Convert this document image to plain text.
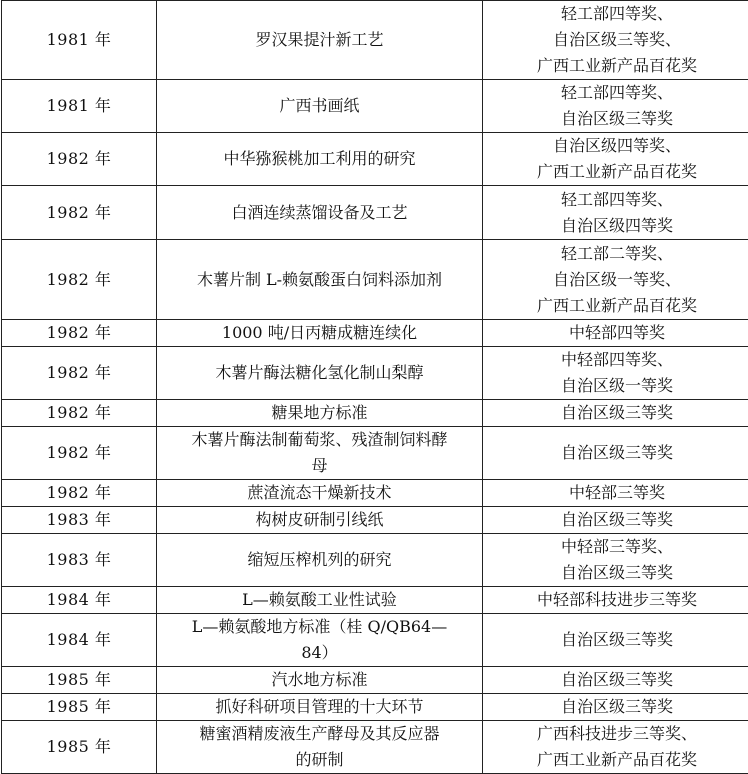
1981 年	罗汉果提汁新工艺	轻工部四等奖、
自治区级三等奖、
广西工业新产品百花奖

1981 年	广西书画纸	轻工部四等奖、
自治区级三等奖

1982 年	中华猕猴桃加工利用的研究	自治区级四等奖、
广西工业新产品百花奖

1982 年	白酒连续蒸馏设备及工艺	轻工部四等奖、
自治区级四等奖

1982 年	木薯片制 L-赖氨酸蛋白饲料添加剂	轻工部二等奖、
自治区级一等奖、
广西工业新产品百花奖

1982 年	1000 吨/日丙糖成糖连续化	中轻部四等奖

1982 年	木薯片酶法糖化氢化制山梨醇	中轻部四等奖、
自治区级一等奖

1982 年	糖果地方标准	自治区级三等奖

1982 年	木薯片酶法制葡萄浆、残渣制饲料酵
母	自治区级三等奖

1982 年	蔗渣流态干燥新技术	中轻部三等奖

1983 年	构树皮研制引线纸	自治区级三等奖

1983 年	缩短压榨机列的研究	中轻部三等奖、
自治区级三等奖

1984 年	L—赖氨酸工业性试验	中轻部科技进步三等奖

1984 年	L—赖氨酸地方标准（桂 Q/QB64—
84）	自治区级三等奖

1985 年	汽水地方标准	自治区级三等奖

1985 年	抓好科研项目管理的十大环节	自治区级三等奖

1985 年	糖蜜酒精废液生产酵母及其反应器
的研制	广西科技进步三等奖、
广西工业新产品百花奖
